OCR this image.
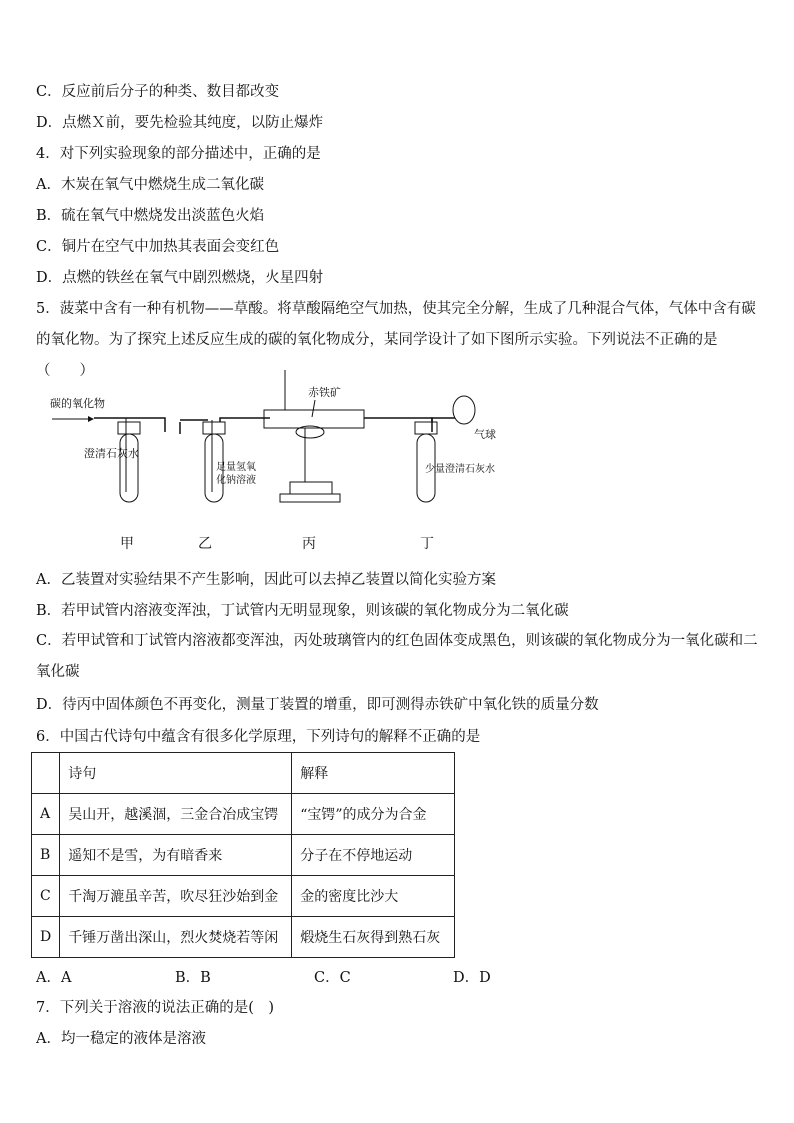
C．反应前后分子的种类、数目都改变
D．点燃Ｘ前，要先检验其纯度，以防止爆炸
4．对下列实验现象的部分描述中，正确的是
A．木炭在氧气中燃烧生成二氧化碳
B．硫在氧气中燃烧发出淡蓝色火焰
C．铜片在空气中加热其表面会变红色
D．点燃的铁丝在氧气中剧烈燃烧，火星四射
5．菠菜中含有一种有机物——草酸。将草酸隔绝空气加热，使其完全分解，生成了几种混合气体，气体中含有碳的氧化物。为了探究上述反应生成的碳的氧化物成分，某同学设计了如下图所示实验。下列说法不正确的是（　　）
碳的氧化物
澄清石灰水
足量氢氧
化钠溶液
赤铁矿
气球
少量 澄清石灰水
甲	乙	丙	丁
A．乙装置对实验结果不产生影响，因此可以去掉乙装置以简化实验方案
B．若甲试管内溶液变浑浊，丁试管内无明显现象，则该碳的氧化物成分为二氧化碳
C．若甲试管和丁试管内溶液都变浑浊，丙处玻璃管内的红色固体变成黑色，则该碳的氧化物成分为一氧化碳和二氧化碳
D．待丙中固体颜色不再变化，测量丁装置的增重，即可测得赤铁矿中氧化铁的质量分数
6．中国古代诗句中蕴含有很多化学原理，下列诗句的解释不正确的是
	诗句	解释
A	吴山开，越溪涸，三金合冶成宝锷	“宝锷”的成分为合金
B	遥知不是雪，为有暗香来	分子在不停地运动
C	千淘万漉虽辛苦，吹尽狂沙始到金	金的密度比沙大
D	千锤万凿出深山，烈火焚烧若等闲	煅烧生石灰得到熟石灰
A．A	B．B	C．C	D．D
7．下列关于溶液的说法正确的是(　)
A．均一稳定的液体是溶液
